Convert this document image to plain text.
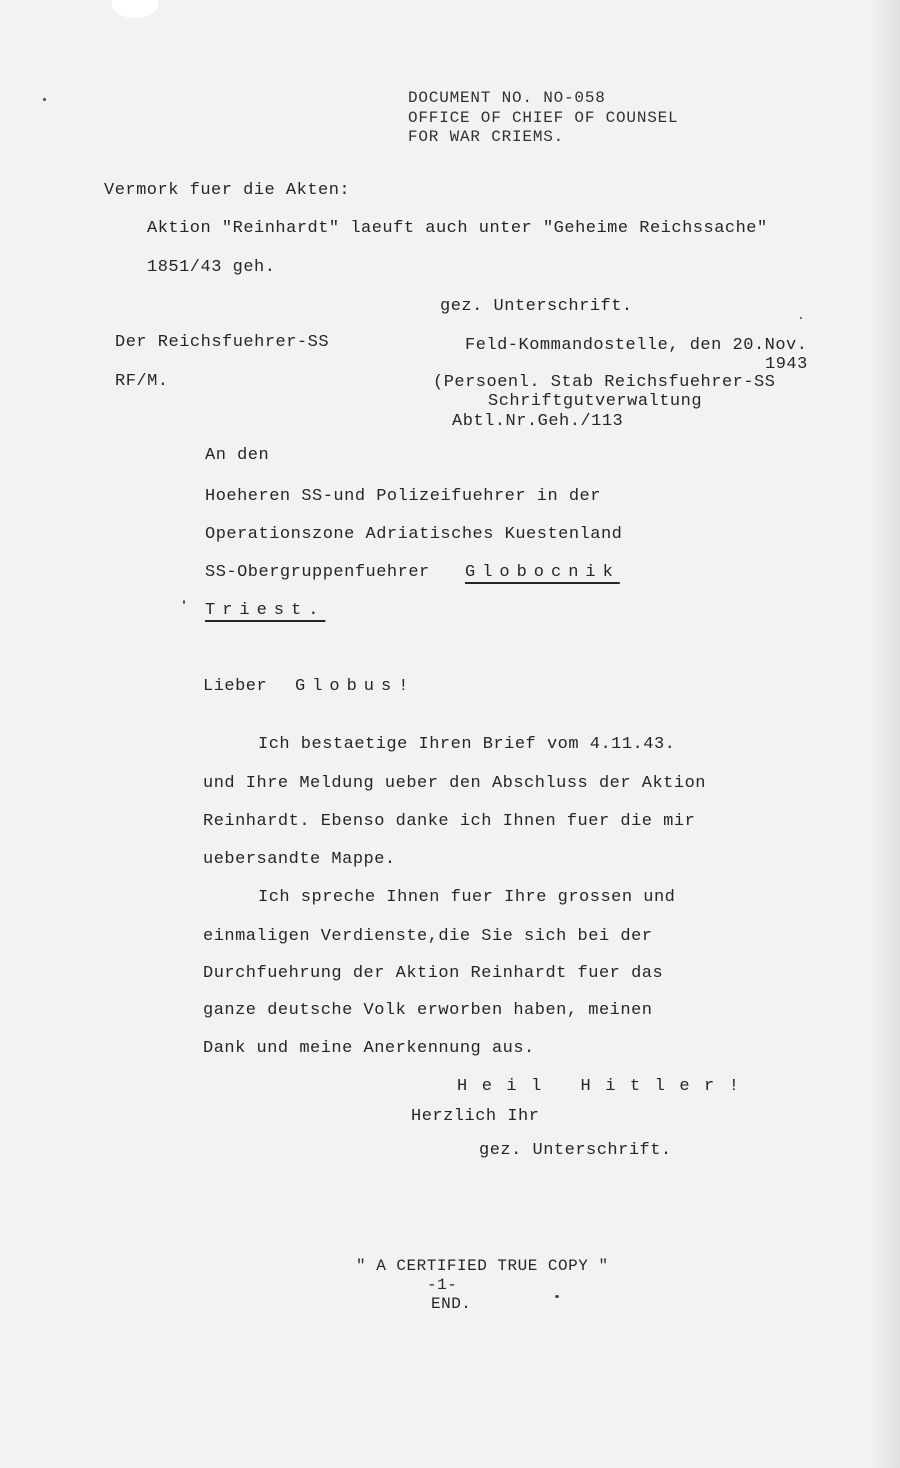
DOCUMENT NO. NO-058
OFFICE OF CHIEF OF COUNSEL
FOR WAR CRIEMS.
Vermork fuer die Akten:
Aktion "Reinhardt" laeuft auch unter "Geheime Reichssache"
1851/43 geh.
gez. Unterschrift.
Der Reichsfuehrer-SS
RF/M.
Feld-Kommandostelle, den 20.Nov.
1943
(Persoenl. Stab Reichsfuehrer-SS
Schriftgutverwaltung
Abtl.Nr.Geh./113
An den
Hoeheren SS-und Polizeifuehrer in der
Operationszone Adriatisches Kuestenland
SS-Obergruppenfuehrer Globocnik
Triest.
Lieber Globus!
Ich bestaetige Ihren Brief vom 4.11.43.
und Ihre Meldung ueber den Abschluss der Aktion
Reinhardt. Ebenso danke ich Ihnen fuer die mir
uebersandte Mappe.
Ich spreche Ihnen fuer Ihre grossen und
einmaligen Verdienste,die Sie sich bei der
Durchfuehrung der Aktion Reinhardt fuer das
ganze deutsche Volk erworben haben, meinen
Dank und meine Anerkennung aus.
Heil Hitler!
Herzlich Ihr
gez. Unterschrift.
" A CERTIFIED TRUE COPY "
-1-
END.
